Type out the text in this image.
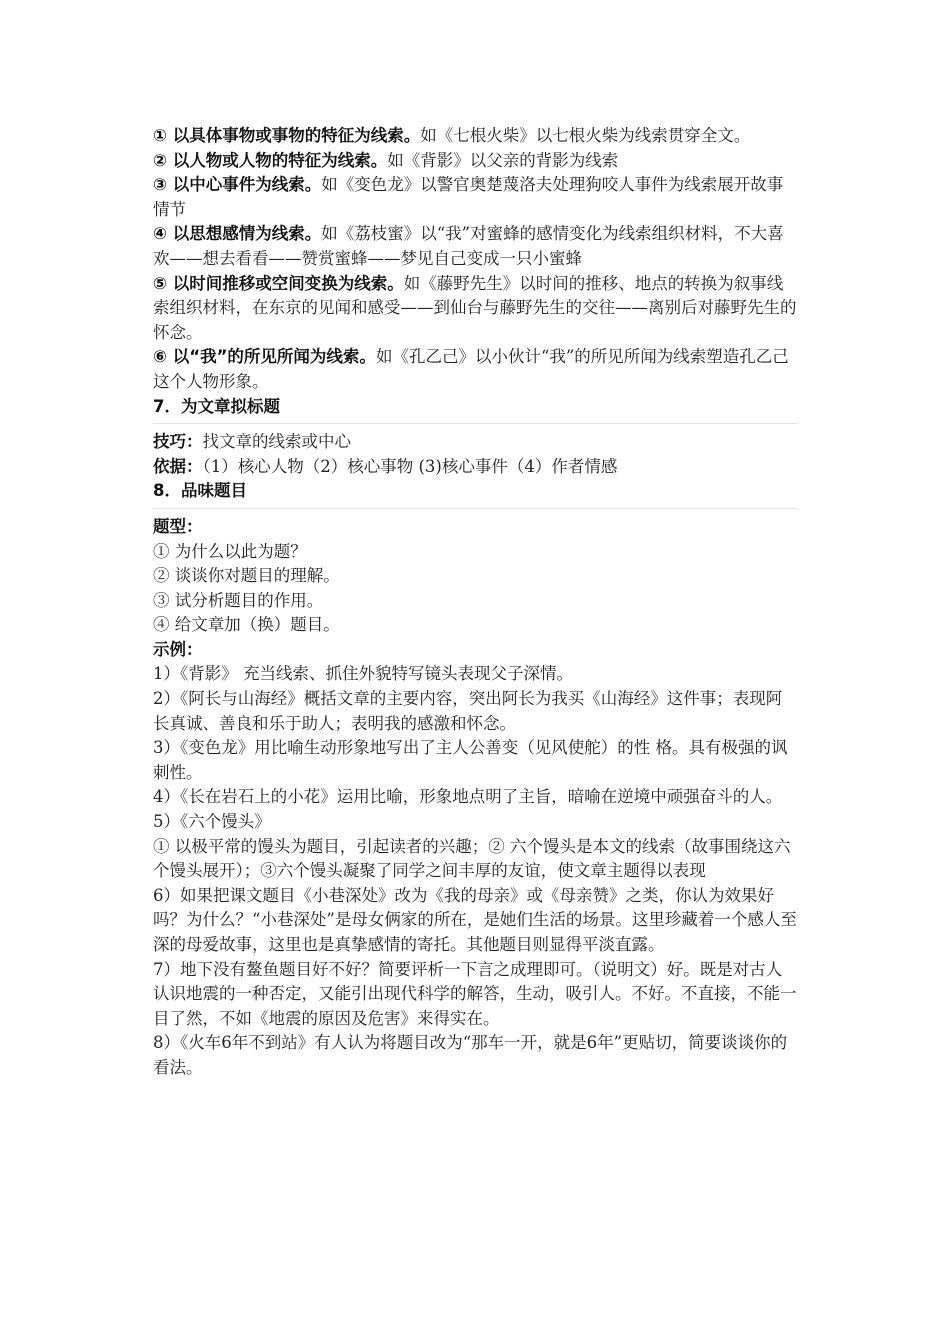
① 以具体事物或事物的特征为线索。如《七根火柴》以七根火柴为线索贯穿全文。

② 以人物或人物的特征为线索。如《背影》以父亲的背影为线索

③ 以中心事件为线索。如《变色龙》以警官奥楚蔑洛夫处理狗咬人事件为线索展开故事情节

④ 以思想感情为线索。如《荔枝蜜》以“我”对蜜蜂的感情变化为线索组织材料，不大喜欢——想去看看——赞赏蜜蜂——梦见自己变成一只小蜜蜂

⑤ 以时间推移或空间变换为线索。如《藤野先生》以时间的推移、地点的转换为叙事线索组织材料，在东京的见闻和感受——到仙台与藤野先生的交往——离别后对藤野先生的怀念。

⑥ 以“我”的所见所闻为线索。如《孔乙己》以小伙计“我”的所见所闻为线索塑造孔乙己这个人物形象。

7．为文章拟标题

技巧：找文章的线索或中心

依据：（1）核心人物（2）核心事物 (3)核心事件（4）作者情感

8．品味题目

题型：

① 为什么以此为题？

② 谈谈你对题目的理解。

③ 试分析题目的作用。

④ 给文章加（换）题目。

示例：

1）《背影》 充当线索、抓住外貌特写镜头表现父子深情。

2）《阿长与山海经》概括文章的主要内容，突出阿长为我买《山海经》这件事；表现阿长真诚、善良和乐于助人；表明我的感激和怀念。

3）《变色龙》用比喻生动形象地写出了主人公善变（见风使舵）的性 格。具有极强的讽刺性。

4）《长在岩石上的小花》运用比喻，形象地点明了主旨，暗喻在逆境中顽强奋斗的人。

5）《六个馒头》

① 以极平常的馒头为题目，引起读者的兴趣；② 六个馒头是本文的线索（故事围绕这六个馒头展开）；③六个馒头凝聚了同学之间丰厚的友谊，使文章主题得以表现

6）如果把课文题目《小巷深处》改为《我的母亲》或《母亲赞》之类，你认为效果好吗？为什么？“小巷深处”是母女俩家的所在，是她们生活的场景。这里珍藏着一个感人至深的母爱故事，这里也是真挚感情的寄托。其他题目则显得平淡直露。

7）地下没有鳌鱼题目好不好？简要评析一下言之成理即可。（说明文）好。既是对古人认识地震的一种否定，又能引出现代科学的解答，生动，吸引人。不好。不直接，不能一目了然，不如《地震的原因及危害》来得实在。

8）《火车6年不到站》有人认为将题目改为“那车一开，就是6年”更贴切，简要谈谈你的看法。
